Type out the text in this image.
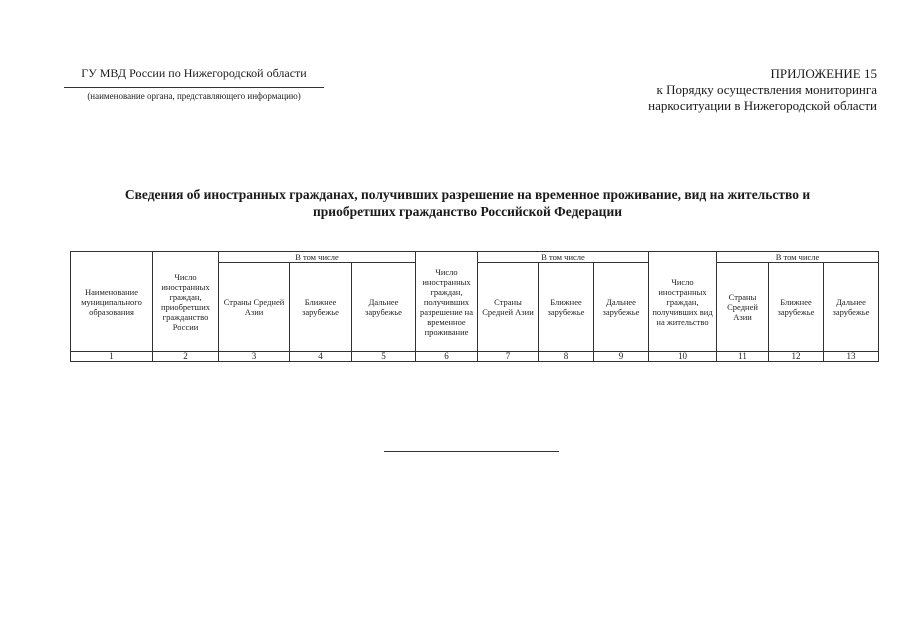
ГУ МВД России по Нижегородской области
(наименование органа, представляющего информацию)
ПРИЛОЖЕНИЕ 15
к Порядку осуществления мониторинга
наркоситуации в Нижегородской области
Сведения об иностранных гражданах, получивших разрешение на временное проживание, вид на жительство и
приобретших гражданство Российской Федерации
Наименование муниципального образования	Число иностранных граждан, приобретших гражданство России	В том числе			Число иностранных граждан, получивших разрешение на временное проживание	В том числе			Число иностранных граждан, получивших вид на жительство	В том числе		
		Страны Средней Азии	Ближнее зарубежье	Дальнее зарубежье		Страны Средней Азии	Ближнее зарубежье	Дальнее зарубежье		Страны Средней Азии	Ближнее зарубежье	Дальнее зарубежье
1	2	3	4	5	6	7	8	9	10	11	12	13
